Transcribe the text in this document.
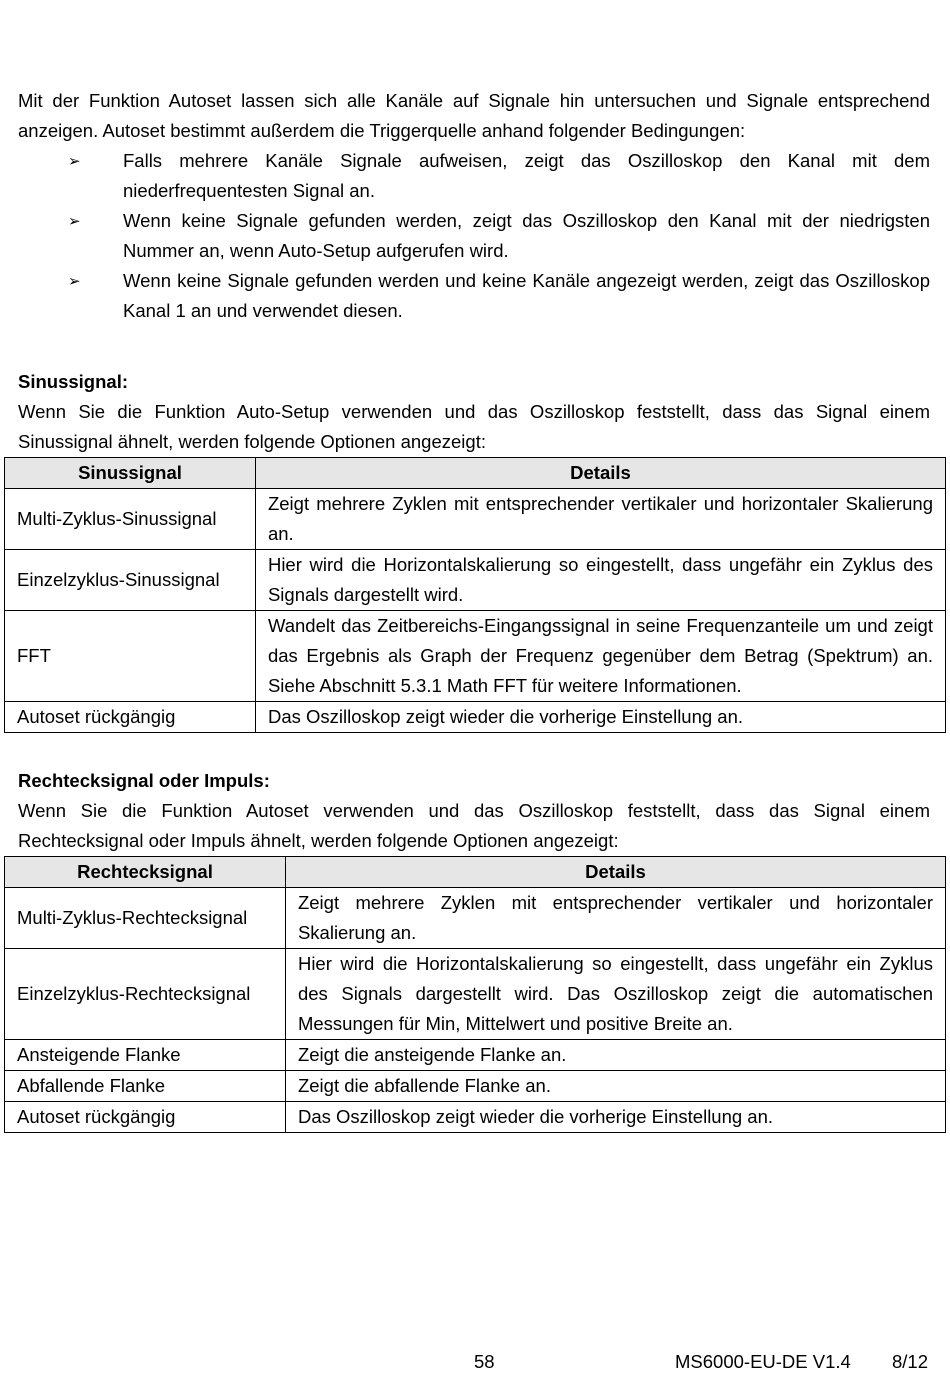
Mit der Funktion Autoset lassen sich alle Kanäle auf Signale hin untersuchen und Signale entsprechend anzeigen. Autoset bestimmt außerdem die Triggerquelle anhand folgender Bedingungen:

➢ Falls mehrere Kanäle Signale aufweisen, zeigt das Oszilloskop den Kanal mit dem niederfrequentesten Signal an.
➢ Wenn keine Signale gefunden werden, zeigt das Oszilloskop den Kanal mit der niedrigsten Nummer an, wenn Auto-Setup aufgerufen wird.
➢ Wenn keine Signale gefunden werden und keine Kanäle angezeigt werden, zeigt das Oszilloskop Kanal 1 an und verwendet diesen.

Sinussignal:

Wenn Sie die Funktion Auto-Setup verwenden und das Oszilloskop feststellt, dass das Signal einem Sinussignal ähnelt, werden folgende Optionen angezeigt:

Sinussignal	Details
Multi-Zyklus-Sinussignal	Zeigt mehrere Zyklen mit entsprechender vertikaler und horizontaler Skalierung an.
Einzelzyklus-Sinussignal	Hier wird die Horizontalskalierung so eingestellt, dass ungefähr ein Zyklus des Signals dargestellt wird.
FFT	Wandelt das Zeitbereichs-Eingangssignal in seine Frequenzanteile um und zeigt das Ergebnis als Graph der Frequenz gegenüber dem Betrag (Spektrum) an. Siehe Abschnitt 5.3.1 Math FFT für weitere Informationen.
Autoset rückgängig	Das Oszilloskop zeigt wieder die vorherige Einstellung an.

Rechtecksignal oder Impuls:

Wenn Sie die Funktion Autoset verwenden und das Oszilloskop feststellt, dass das Signal einem Rechtecksignal oder Impuls ähnelt, werden folgende Optionen angezeigt:

Rechtecksignal	Details
Multi-Zyklus-Rechtecksignal	Zeigt mehrere Zyklen mit entsprechender vertikaler und horizontaler Skalierung an.
Einzelzyklus-Rechtecksignal	Hier wird die Horizontalskalierung so eingestellt, dass ungefähr ein Zyklus des Signals dargestellt wird. Das Oszilloskop zeigt die automatischen Messungen für Min, Mittelwert und positive Breite an.
Ansteigende Flanke	Zeigt die ansteigende Flanke an.
Abfallende Flanke	Zeigt die abfallende Flanke an.
Autoset rückgängig	Das Oszilloskop zeigt wieder die vorherige Einstellung an.
58	MS6000-EU-DE V1.4 8/12
